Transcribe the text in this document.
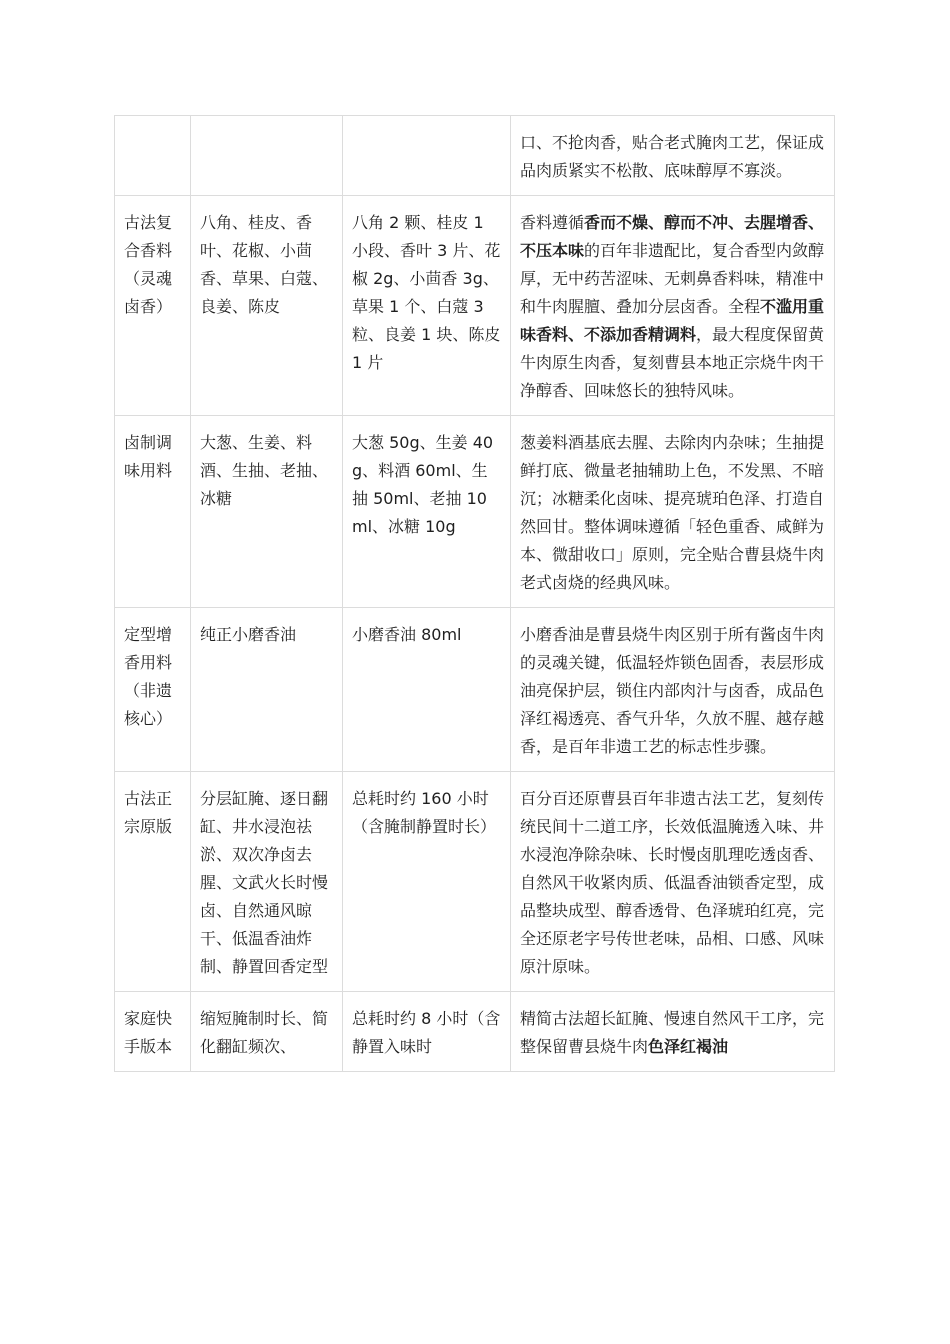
			口、不抢肉香，贴合老式腌肉工艺，保证成品肉质紧实不松散、底味醇厚不寡淡。
古法复合香料（灵魂卤香）	八角、桂皮、香叶、花椒、小茴香、草果、白蔻、良姜、陈皮	八角 2 颗、桂皮 1 小段、香叶 3 片、花椒 2g、小茴香 3g、草果 1 个、白蔻 3 粒、良姜 1 块、陈皮 1 片	香料遵循香而不燥、醇而不冲、去腥增香、不压本味的百年非遗配比，复合香型内敛醇厚，无中药苦涩味、无刺鼻香料味，精准中和牛肉腥膻、叠加分层卤香。全程不滥用重味香料、不添加香精调料，最大程度保留黄牛肉原生肉香，复刻曹县本地正宗烧牛肉干净醇香、回味悠长的独特风味。
卤制调味用料	大葱、生姜、料酒、生抽、老抽、冰糖	大葱 50g、生姜 40g、料酒 60ml、生抽 50ml、老抽 10ml、冰糖 10g	葱姜料酒基底去腥、去除肉内杂味；生抽提鲜打底、微量老抽辅助上色，不发黑、不暗沉；冰糖柔化卤味、提亮琥珀色泽、打造自然回甘。整体调味遵循「轻色重香、咸鲜为本、微甜收口」原则，完全贴合曹县烧牛肉老式卤烧的经典风味。
定型增香用料（非遗核心）	纯正小磨香油	小磨香油 80ml	小磨香油是曹县烧牛肉区别于所有酱卤牛肉的灵魂关键，低温轻炸锁色固香，表层形成油亮保护层，锁住内部肉汁与卤香，成品色泽红褐透亮、香气升华，久放不腥、越存越香，是百年非遗工艺的标志性步骤。
古法正宗原版	分层缸腌、逐日翻缸、井水浸泡祛淤、双次净卤去腥、文武火长时慢卤、自然通风晾干、低温香油炸制、静置回香定型	总耗时约 160 小时（含腌制静置时长）	百分百还原曹县百年非遗古法工艺，复刻传统民间十二道工序，长效低温腌透入味、井水浸泡净除杂味、长时慢卤肌理吃透卤香、自然风干收紧肉质、低温香油锁香定型，成品整块成型、醇香透骨、色泽琥珀红亮，完全还原老字号传世老味，品相、口感、风味原汁原味。
家庭快手版本	缩短腌制时长、简化翻缸频次、	总耗时约 8 小时（含静置入味时	精简古法超长缸腌、慢速自然风干工序，完整保留曹县烧牛肉色泽红褐油
